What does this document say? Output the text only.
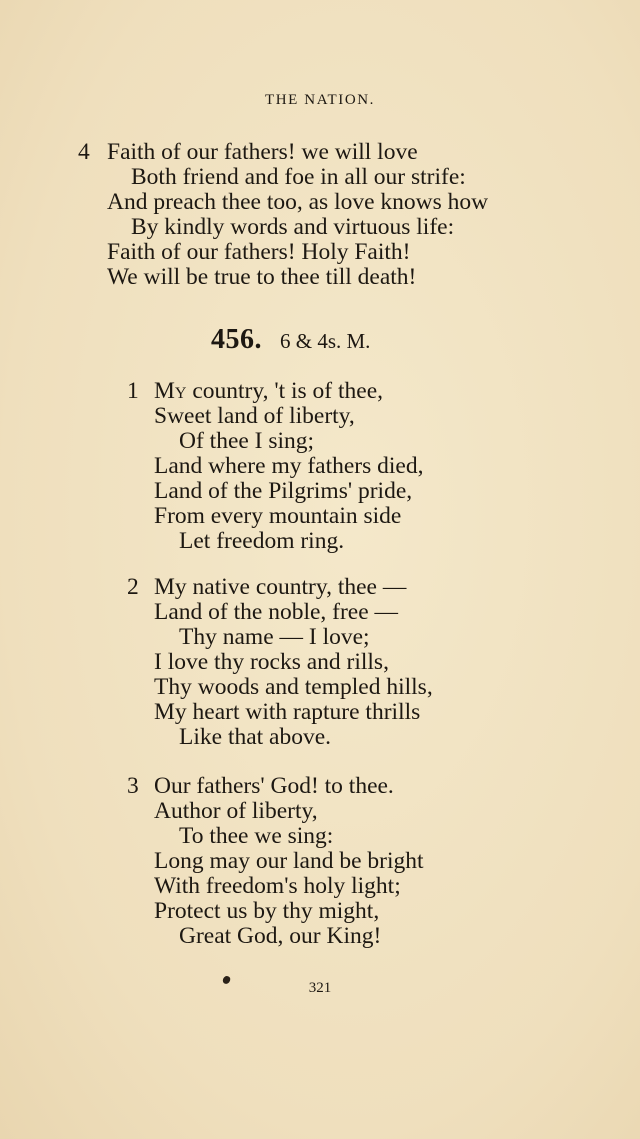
THE NATION.
4 Faith of our fathers! we will love
Both friend and foe in all our strife:
And preach thee too, as love knows how
By kindly words and virtuous life:
Faith of our fathers! Holy Faith!
We will be true to thee till death!
456. 6 & 4s. M.
1 My country, 't is of thee,
Sweet land of liberty,
Of thee I sing;
Land where my fathers died,
Land of the Pilgrims' pride,
From every mountain side
Let freedom ring.
2 My native country, thee —
Land of the noble, free —
Thy name — I love;
I love thy rocks and rills,
Thy woods and templed hills,
My heart with rapture thrills
Like that above.
3 Our fathers' God! to thee.
Author of liberty,
To thee we sing:
Long may our land be bright
With freedom's holy light;
Protect us by thy might,
Great God, our King!
321
